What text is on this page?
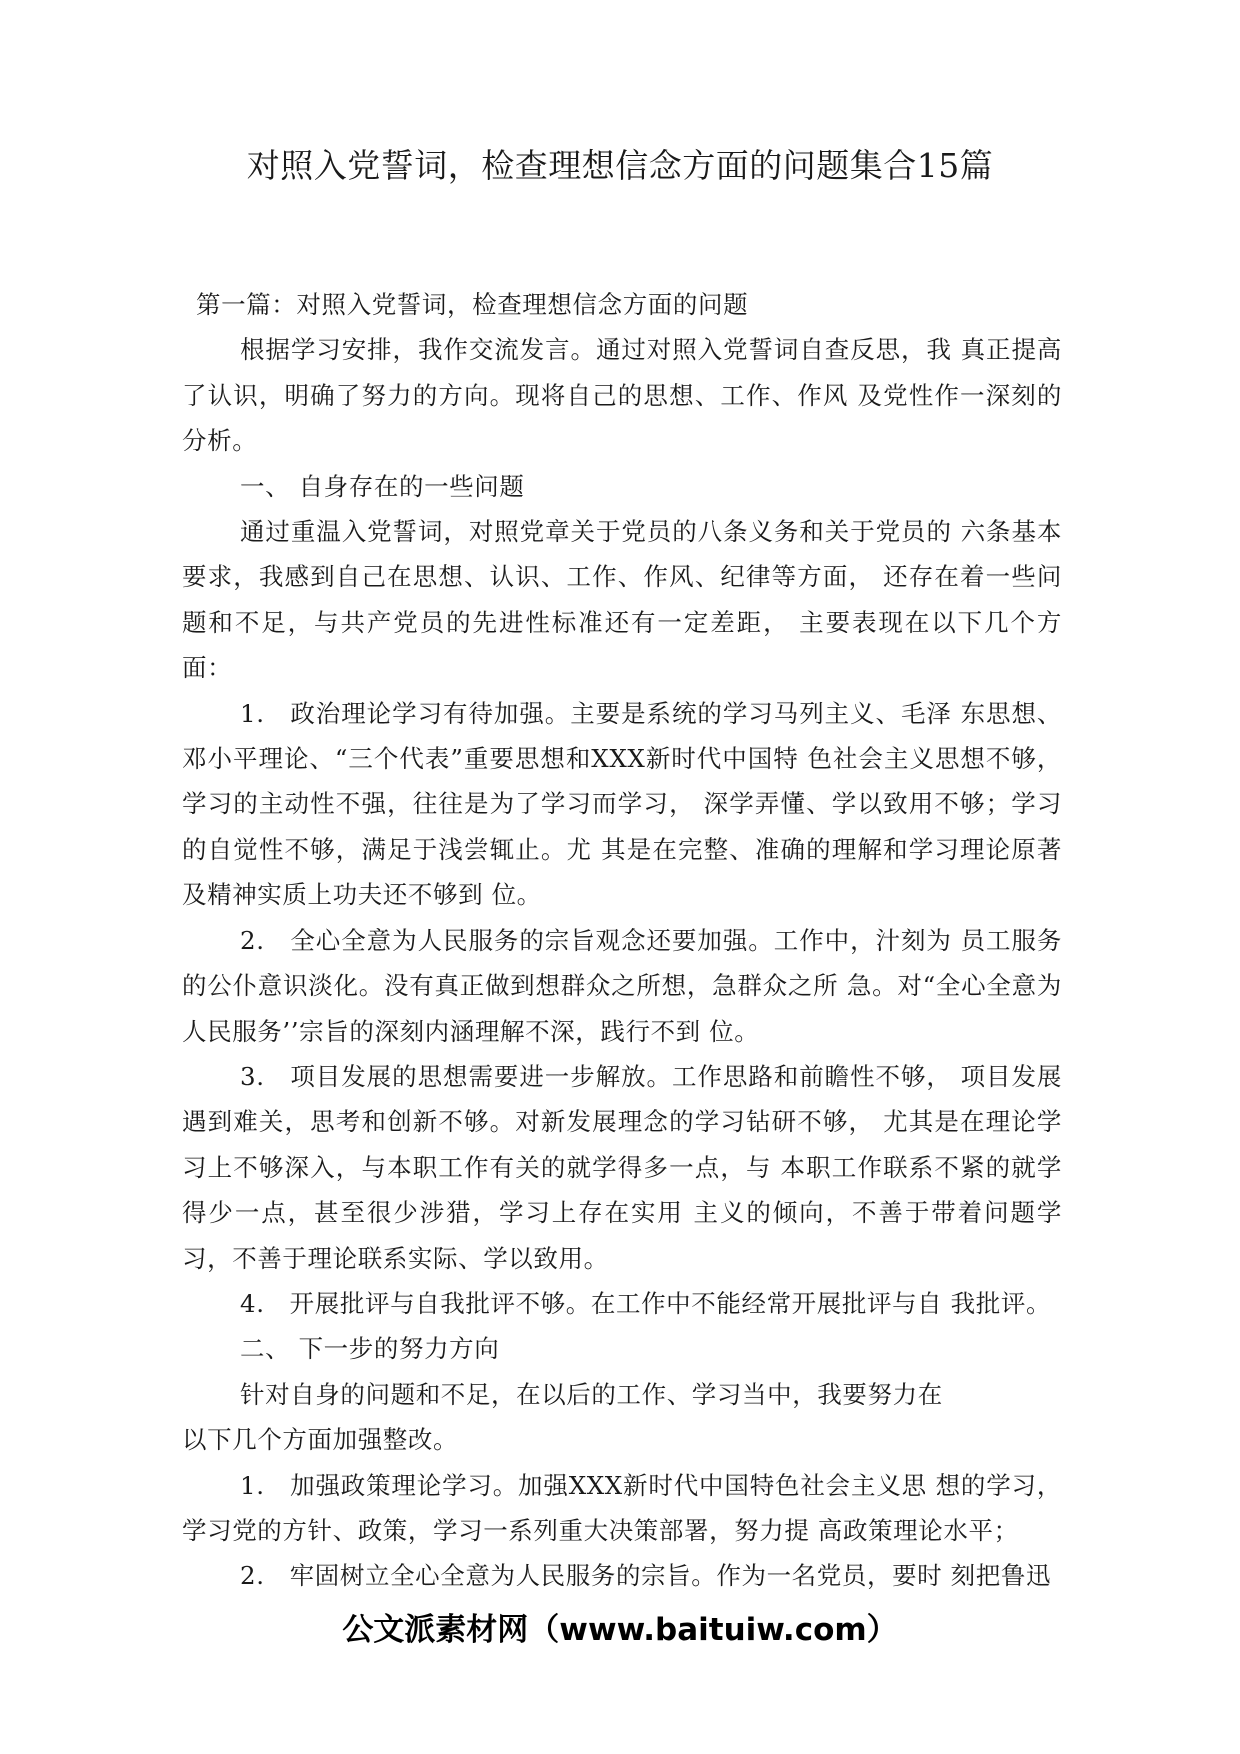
对照入党誓词，检查理想信念方面的问题集合15篇

第一篇：对照入党誓词，检查理想信念方面的问题

根据学习安排，我作交流发言。通过对照入党誓词自查反思，我 真正提高了认识，明确了努力的方向。现将自己的思想、工作、作风 及党性作一深刻的分析。

一、 自身存在的一些问题

通过重温入党誓词，对照党章关于党员的八条义务和关于党员的 六条基本要求，我感到自己在思想、认识、工作、作风、纪律等方面， 还存在着一些问题和不足，与共产党员的先进性标准还有一定差距， 主要表现在以下几个方面：

1.　政治理论学习有待加强。主要是系统的学习马列主义、毛泽 东思想、邓小平理论、“三个代表”重要思想和XXX新时代中国特 色社会主义思想不够，学习的主动性不强，往往是为了学习而学习， 深学弄懂、学以致用不够；学习的自觉性不够，满足于浅尝辄止。尤 其是在完整、准确的理解和学习理论原著及精神实质上功夫还不够到 位。

2.　全心全意为人民服务的宗旨观念还要加强。工作中，汁刻为 员工服务的公仆意识淡化。没有真正做到想群众之所想，急群众之所 急。对“全心全意为人民服务’’宗旨的深刻内涵理解不深，践行不到 位。

3.　项目发展的思想需要进一步解放。工作思路和前瞻性不够， 项目发展遇到难关，思考和创新不够。对新发展理念的学习钻研不够， 尤其是在理论学习上不够深入，与本职工作有关的就学得多一点，与 本职工作联系不紧的就学得少一点，甚至很少涉猎，学习上存在实用 主义的倾向，不善于带着问题学习，不善于理论联系实际、学以致用。

4.　开展批评与自我批评不够。在工作中不能经常开展批评与自 我批评。

二、 下一步的努力方向

针对自身的问题和不足，在以后的工作、学习当中，我要努力在

以下几个方面加强整改。

1.　加强政策理论学习。加强XXX新时代中国特色社会主义思 想的学习，学习党的方针、政策，学习一系列重大决策部署，努力提 高政策理论水平；

2.　牢固树立全心全意为人民服务的宗旨。作为一名党员，要时 刻把鲁迅

公文派素材网（www.baituiw.com）
